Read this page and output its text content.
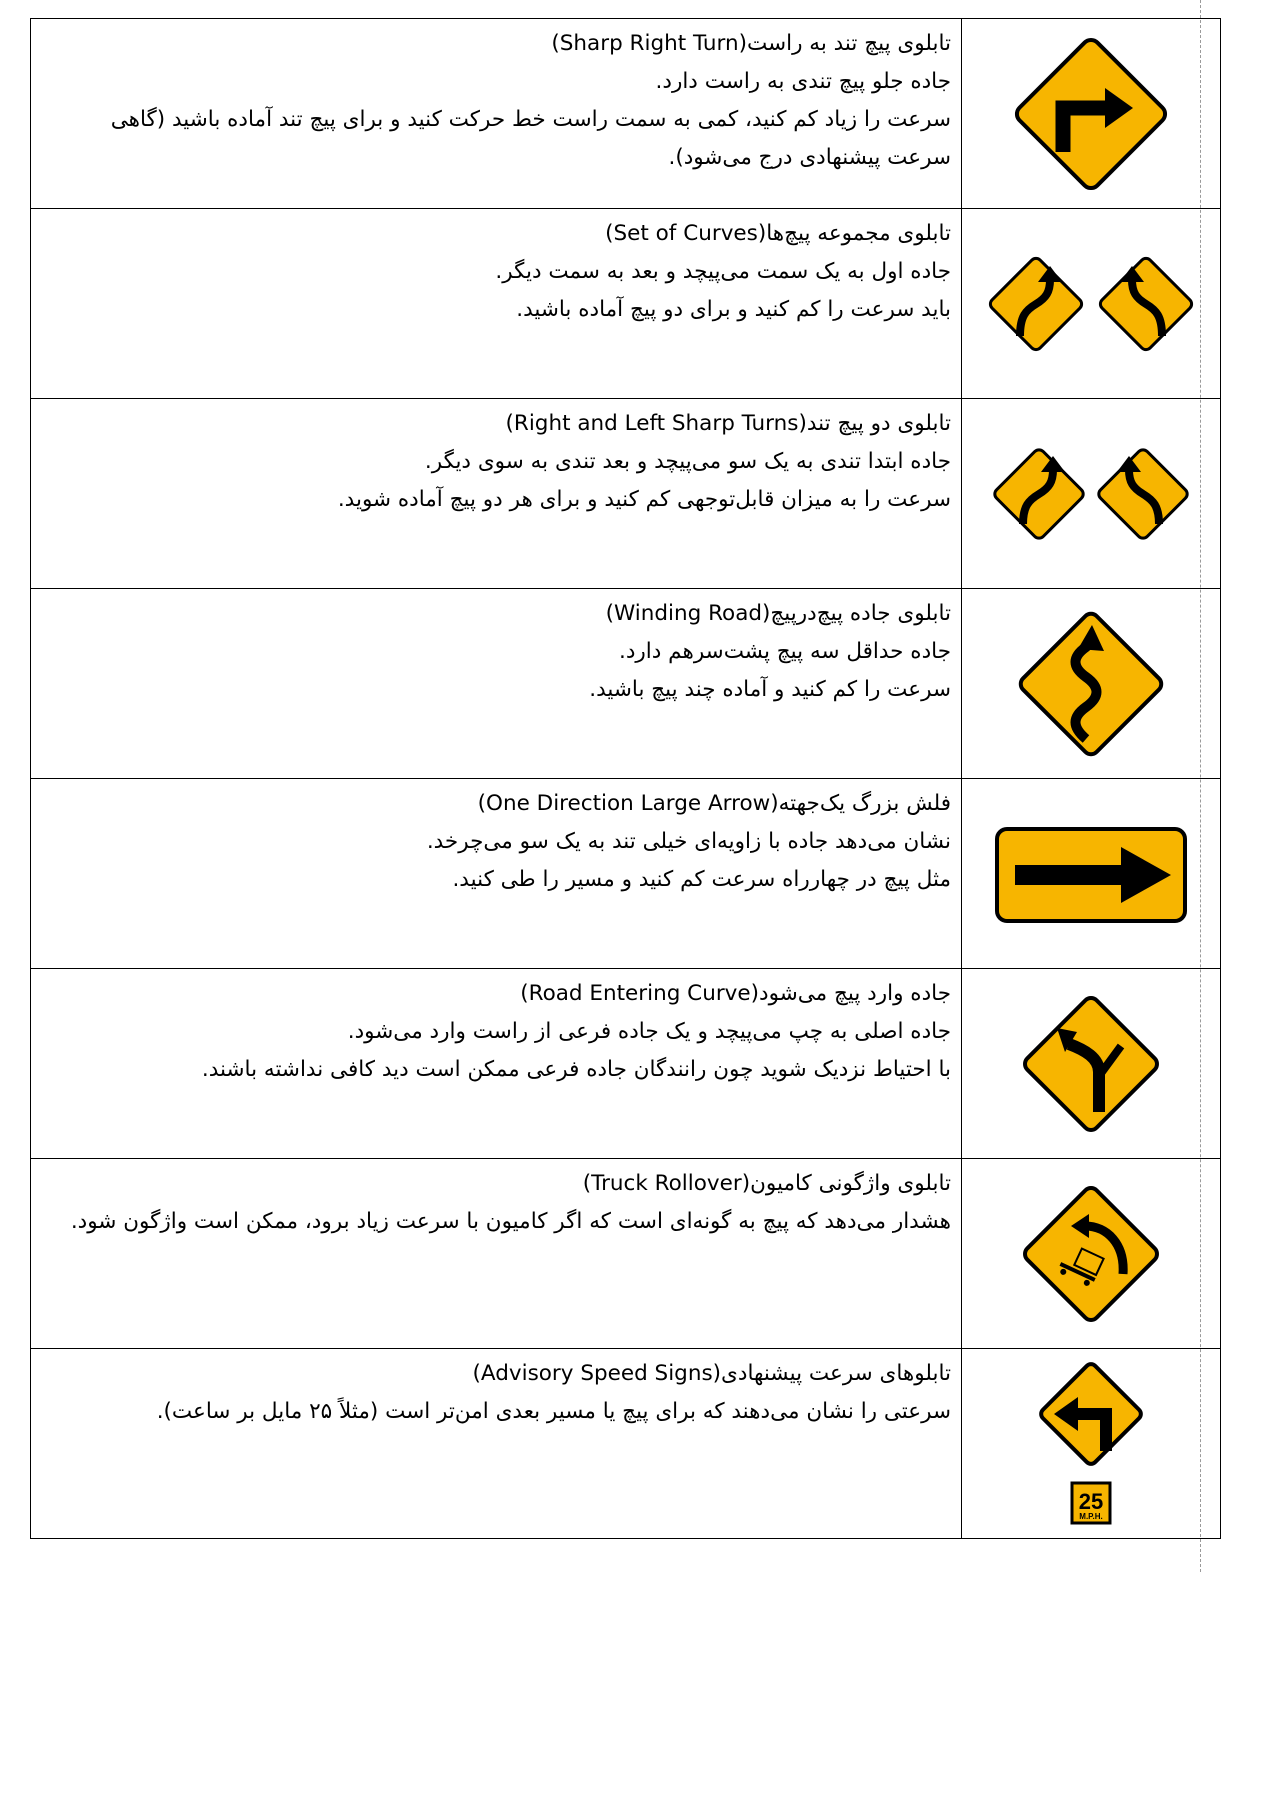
تابلوی پیچ تند به راست(Sharp Right Turn)
جاده جلو پیچ تندی به راست دارد.
سرعت را زیاد کم کنید، کمی به سمت راست خط حرکت کنید و برای پیچ تند آماده باشید (گاهی سرعت پیشنهادی درج می‌شود).

تابلوی مجموعه پیچ‌ها(Set of Curves)
جاده اول به یک سمت می‌پیچد و بعد به سمت دیگر.
باید سرعت را کم کنید و برای دو پیچ آماده باشید.

تابلوی دو پیچ تند(Right and Left Sharp Turns)
جاده ابتدا تندی به یک سو می‌پیچد و بعد تندی به سوی دیگر.
سرعت را به میزان قابل‌توجهی کم کنید و برای هر دو پیچ آماده شوید.

تابلوی جاده پیچ‌درپیچ(Winding Road)
جاده حداقل سه پیچ پشت‌سرهم دارد.
سرعت را کم کنید و آماده چند پیچ باشید.

فلش بزرگ یک‌جهته(One Direction Large Arrow)
نشان می‌دهد جاده با زاویه‌ای خیلی تند به یک سو می‌چرخد.
مثل پیچ در چهارراه سرعت کم کنید و مسیر را طی کنید.

جاده وارد پیچ می‌شود(Road Entering Curve)
جاده اصلی به چپ می‌پیچد و یک جاده فرعی از راست وارد می‌شود.
با احتیاط نزدیک شوید چون رانندگان جاده فرعی ممکن است دید کافی نداشته باشند.

تابلوی واژگونی کامیون(Truck Rollover)
هشدار می‌دهد که پیچ به گونه‌ای است که اگر کامیون با سرعت زیاد برود، ممکن است واژگون شود.

تابلوهای سرعت پیشنهادی(Advisory Speed Signs)
سرعتی را نشان می‌دهند که برای پیچ یا مسیر بعدی امن‌تر است (مثلاً ۲۵ مایل بر ساعت).	25
M.P.H.
